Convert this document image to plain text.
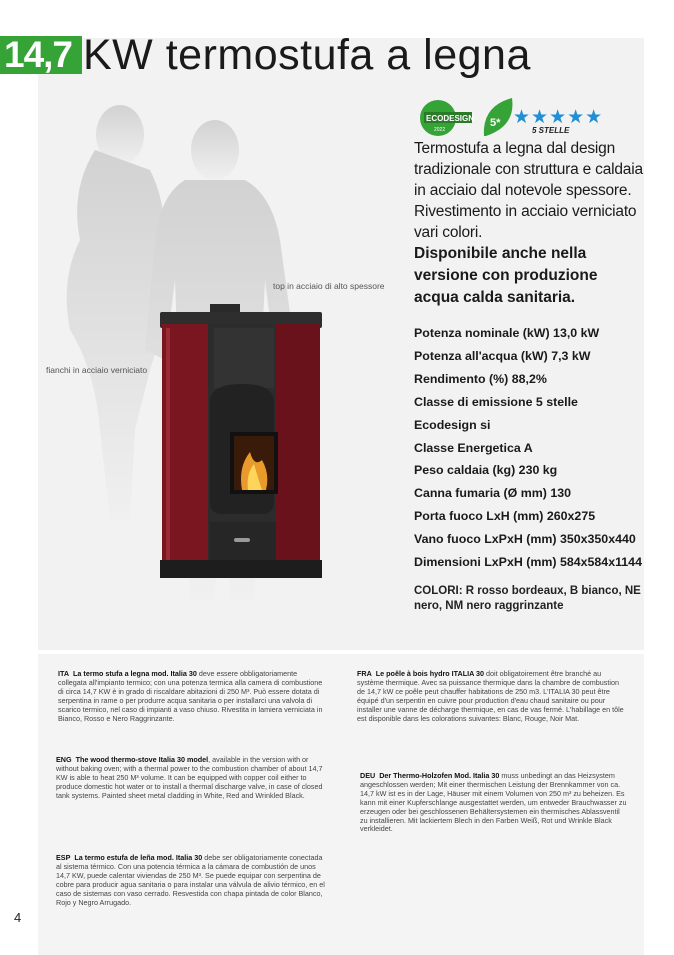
14,7 KW termostufa a legna
top in acciaio di alto spessore
fianchi in acciaio verniciato
ECODESIGN
2022
5* ★★★★★
5 STELLE
Termostufa a legna dal design tradizionale con struttura e caldaia in acciaio dal notevole spessore. Rivestimento in acciaio verniciato vari colori.
Disponibile anche nella versione con produzione acqua calda sanitaria.
Potenza nominale (kW) 13,0 kW
Potenza all'acqua (kW) 7,3 kW
Rendimento (%) 88,2%
Classe di emissione 5 stelle
Ecodesign si
Classe Energetica A
Peso caldaia (kg) 230 kg
Canna fumaria (Ø mm) 130
Porta fuoco LxH (mm) 260x275
Vano fuoco LxPxH (mm) 350x350x440
Dimensioni LxPxH (mm) 584x584x1144
COLORI: R rosso bordeaux, B bianco, NE nero, NM nero raggrinzante
ITA La termo stufa a legna mod. Italia 30 deve essere obbligatoriamente collegata all'impianto termico; con una potenza termica alla camera di combustione di circa 14,7 KW è in grado di riscaldare abitazioni di 250 M³. Può essere dotata di serpentina in rame o per produrre acqua sanitaria o per installarci una valvola di scarico termico, nel caso di impianti a vaso chiuso. Rivestita in lamiera verniciata in Bianco, Rosso e Nero Raggrinzante.
ENG The wood thermo-stove Italia 30 model, available in the version with or without baking oven; with a thermal power to the combustion chamber of about 14,7 KW is able to heat 250 M³ volume. It can be equipped with copper coil either to produce domestic hot water or to install a thermal discharge valve, in case of closed tank systems. Painted sheet metal cladding in White, Red and Wrinkled Black.
ESP La termo estufa de leña mod. Italia 30 debe ser obligatoriamente conectada al sistema térmico. Con una potencia térmica a la cámara de combustión de unos 14,7 KW, puede calentar viviendas de 250 M³. Se puede equipar con serpentina de cobre para producir agua sanitaria o para instalar una válvula de alivio térmico, en el caso de sistemas con vaso cerrado. Resvestida con chapa pintada de color Blanco, Rojo y Negro Arrugado.
FRA Le poêle à bois hydro ITALIA 30 doit obligatoirement être branché au système thermique. Avec sa puissance thermique dans la chambre de combustion de 14,7 kW ce poêle peut chauffer habitations de 250 m3. L'ITALIA 30 peut être équipé d'un serpentin en cuivre pour production d'eau chaud sanitaire ou pour installer une vanne de décharge thermique, en cas de vas fermé. L'habillage en tôle est disponible dans les colorations suivantes: Blanc, Rouge, Noir Mat.
DEU Der Thermo-Holzofen Mod. Italia 30 muss unbedingt an das Heizsystem angeschlossen werden; Mit einer thermischen Leistung der Brennkammer von ca. 14,7 kW ist es in der Lage, Häuser mit einem Volumen von 250 m³ zu beheizen. Es kann mit einer Kupferschlange ausgestattet werden, um entweder Brauchwasser zu erzeugen oder bei geschlossenen Behältersystemen ein thermisches Ablassventil zu installieren. Mit lackiertem Blech in den Farben Weiß, Rot und Wrinkle Black verkleidet.
4
